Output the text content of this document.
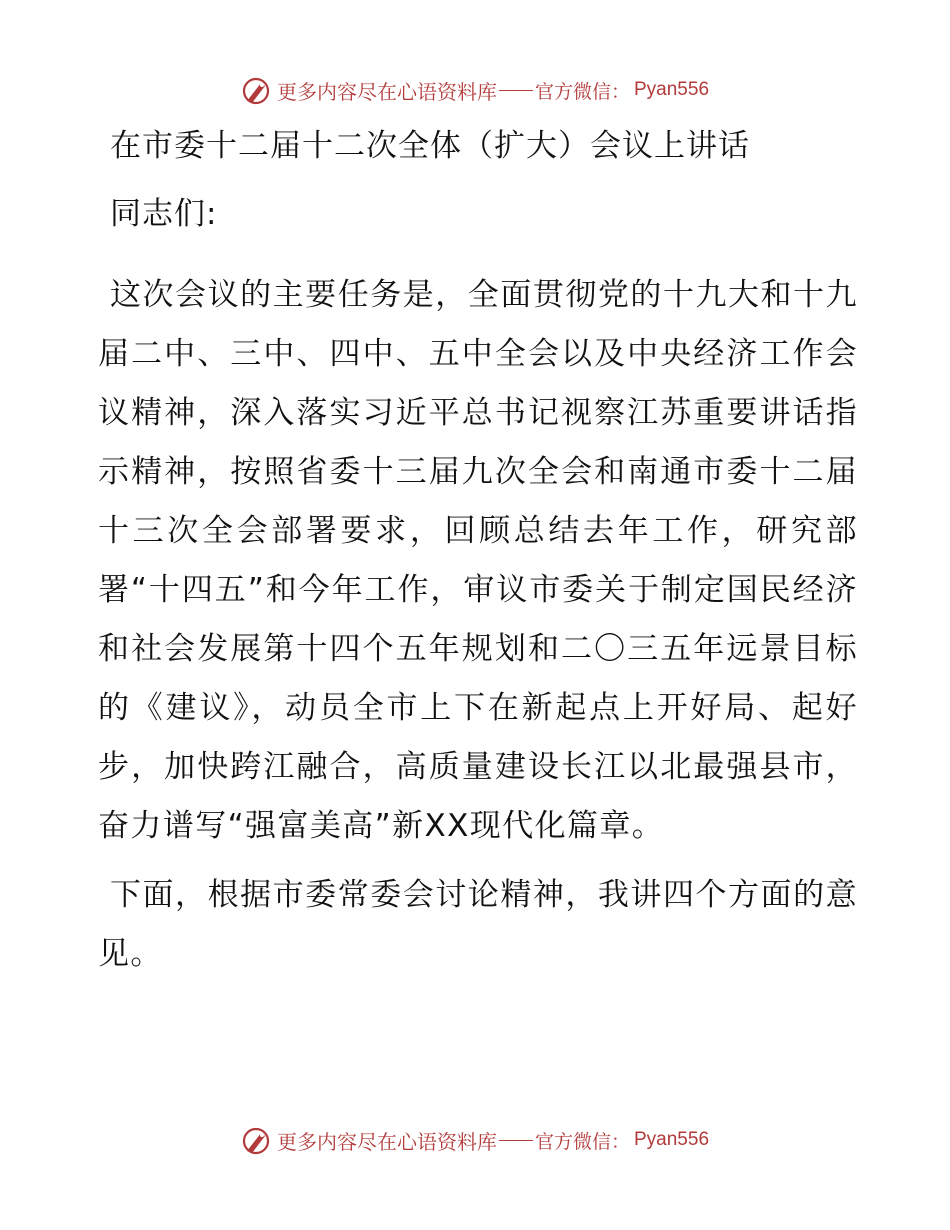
更多内容尽在心语资料库 官方微信： Pyan556
在市委十二届十二次全体（扩大）会议上讲话
同志们:

这次会议的主要任务是，全面贯彻党的十九大和十九届二中、三中、四中、五中全会以及中央经济工作会议精神，深入落实习近平总书记视察江苏重要讲话指示精神，按照省委十三届九次全会和南通市委十二届十三次全会部署要求，回顾总结去年工作，研究部署“十四五”和今年工作，审议市委关于制定国民经济和社会发展第十四个五年规划和二〇三五年远景目标的《建议》，动员全市上下在新起点上开好局、起好步，加快跨江融合，高质量建设长江以北最强县市，奋力谱写“强富美高”新XX现代化篇章。

下面，根据市委常委会讨论精神，我讲四个方面的意见。

更多内容尽在心语资料库 官方微信： Pyan556
